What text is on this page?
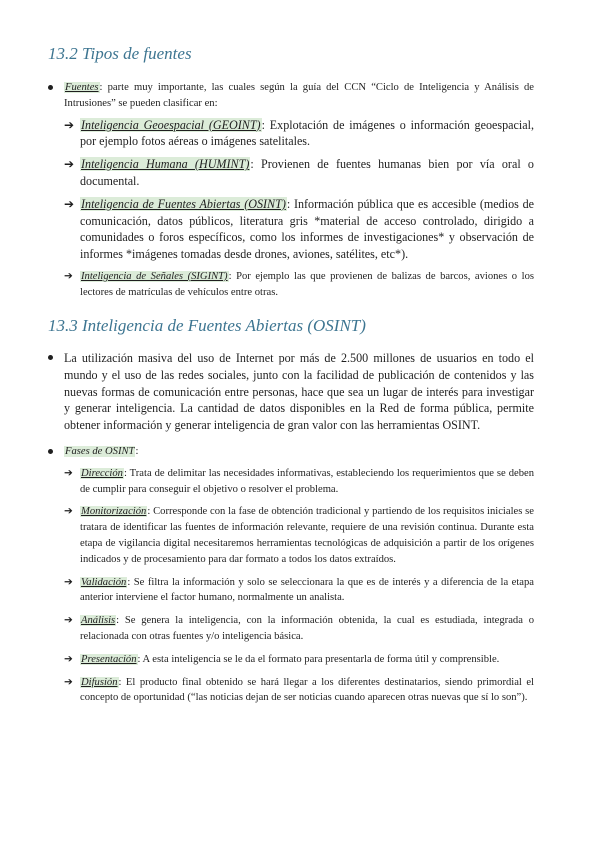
13.2 Tipos de fuentes
Fuentes: parte muy importante, las cuales según la guía del CCN “Ciclo de Inteligencia y Análisis de Intrusiones” se pueden clasificar en:
➔ Inteligencia Geoespacial (GEOINT): Explotación de imágenes o información geoespacial, por ejemplo fotos aéreas o imágenes satelitales.
➔ Inteligencia Humana (HUMINT): Provienen de fuentes humanas bien por vía oral o documental.
➔ Inteligencia de Fuentes Abiertas (OSINT): Información pública que es accesible (medios de comunicación, datos públicos, literatura gris *material de acceso controlado, dirigido a comunidades o foros específicos, como los informes de investigaciones* y observación de informes *imágenes tomadas desde drones, aviones, satélites, etc*).
➔ Inteligencia de Señales (SIGINT): Por ejemplo las que provienen de balizas de barcos, aviones o los lectores de matrículas de vehículos entre otras.
13.3 Inteligencia de Fuentes Abiertas (OSINT)
La utilización masiva del uso de Internet por más de 2.500 millones de usuarios en todo el mundo y el uso de las redes sociales, junto con la facilidad de publicación de contenidos y las nuevas formas de comunicación entre personas, hace que sea un lugar de interés para investigar y generar inteligencia. La cantidad de datos disponibles en la Red de forma pública, permite obtener información y generar inteligencia de gran valor con las herramientas OSINT.
Fases de OSINT:
➔ Dirección: Trata de delimitar las necesidades informativas, estableciendo los requerimientos que se deben de cumplir para conseguir el objetivo o resolver el problema.
➔ Monitorización: Corresponde con la fase de obtención tradicional y partiendo de los requisitos iniciales se tratara de identificar las fuentes de información relevante, requiere de una revisión continua. Durante esta etapa de vigilancia digital necesitaremos herramientas tecnológicas de adquisición a partir de los orígenes indicados y de procesamiento para dar formato a todos los datos extraídos.
➔ Validación: Se filtra la información y solo se seleccionara la que es de interés y a diferencia de la etapa anterior interviene el factor humano, normalmente un analista.
➔ Análisis: Se genera la inteligencia, con la información obtenida, la cual es estudiada, integrada o relacionada con otras fuentes y/o inteligencia básica.
➔ Presentación: A esta inteligencia se le da el formato para presentarla de forma útil y comprensible.
➔ Difusión: El producto final obtenido se hará llegar a los diferentes destinatarios, siendo primordial el concepto de oportunidad (“las noticias dejan de ser noticias cuando aparecen otras nuevas que sí lo son”).
